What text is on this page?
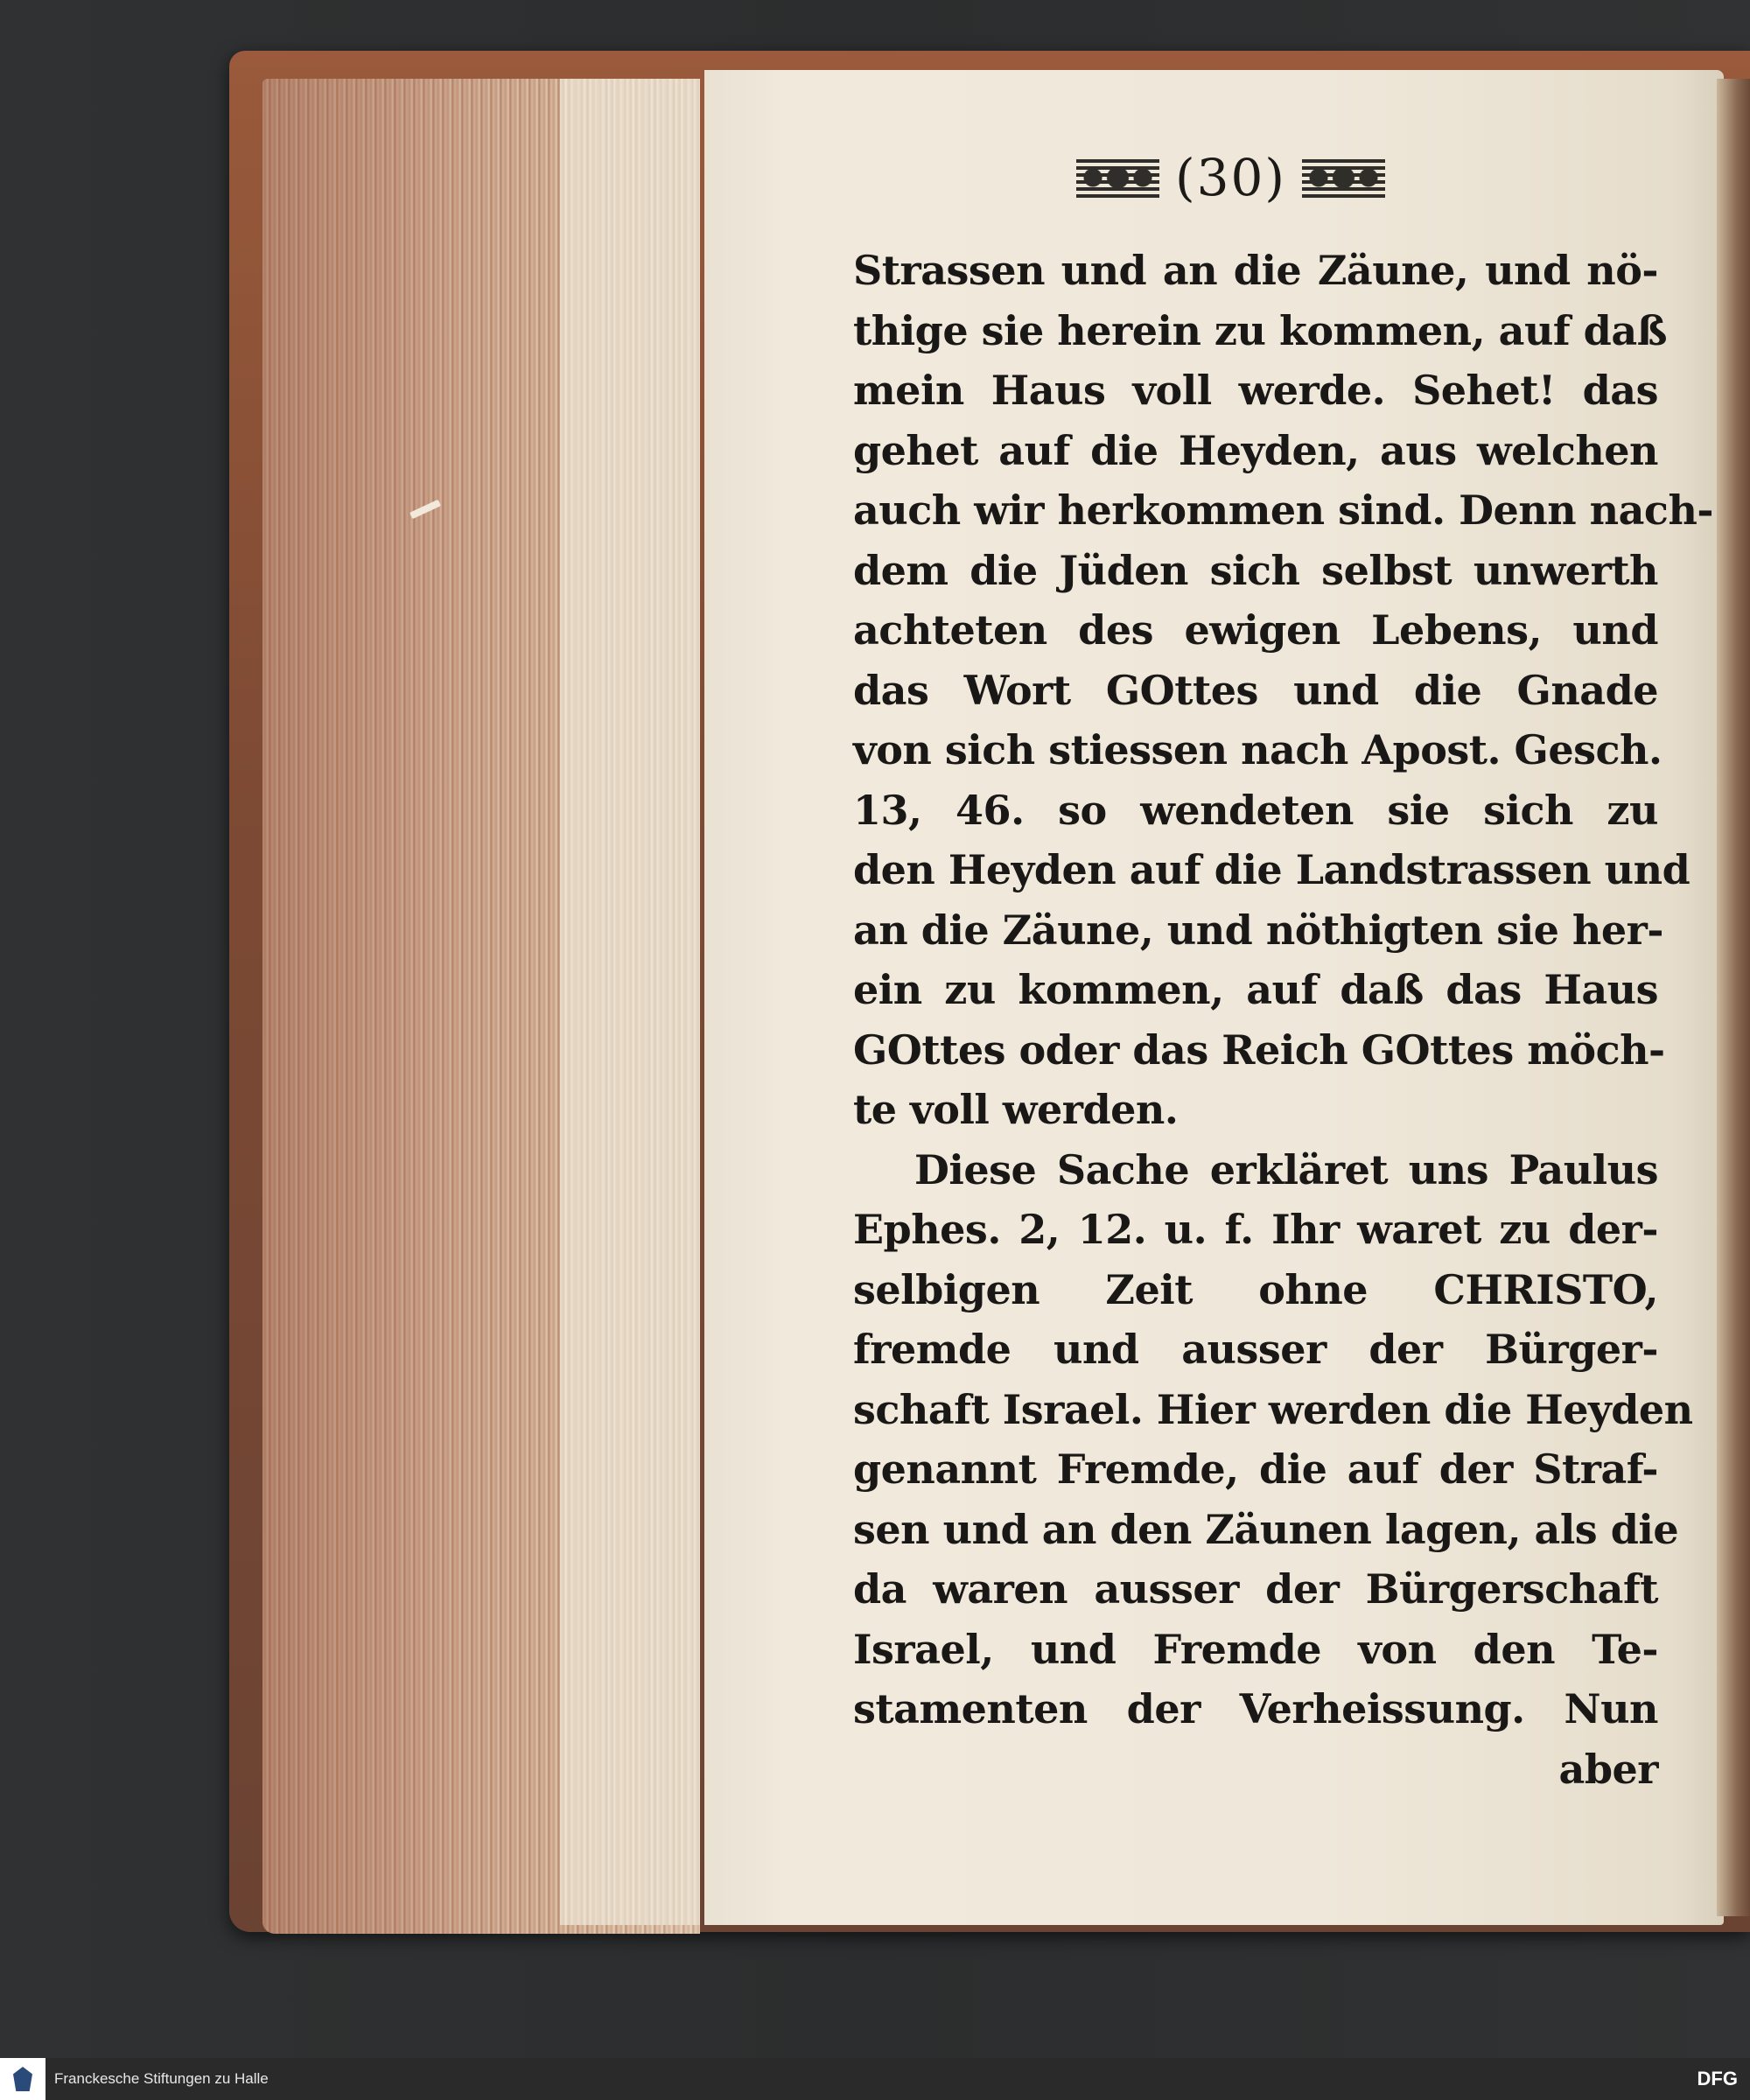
(30)
Strassen und an die Zäune, und nö-
thige sie herein zu kommen, auf daß
mein Haus voll werde. Sehet! das
gehet auf die Heyden, aus welchen
auch wir herkommen sind. Denn nach-
dem die Jüden sich selbst unwerth
achteten des ewigen Lebens, und
das Wort GOttes und die Gnade
von sich stiessen nach Apost. Gesch.
13, 46. so wendeten sie sich zu
den Heyden auf die Landstrassen und
an die Zäune, und nöthigten sie her-
ein zu kommen, auf daß das Haus
GOttes oder das Reich GOttes möch-
te voll werden.
Diese Sache erkläret uns Paulus
Ephes. 2, 12. u. f. Ihr waret zu der-
selbigen Zeit ohne CHRISTO,
fremde und ausser der Bürger-
schaft Israel. Hier werden die Heyden
genannt Fremde, die auf der Straf-
sen und an den Zäunen lagen, als die
da waren ausser der Bürgerschaft
Israel, und Fremde von den Te-
stamenten der Verheissung. Nun
aber
Franckesche Stiftungen zu Halle	DFG
